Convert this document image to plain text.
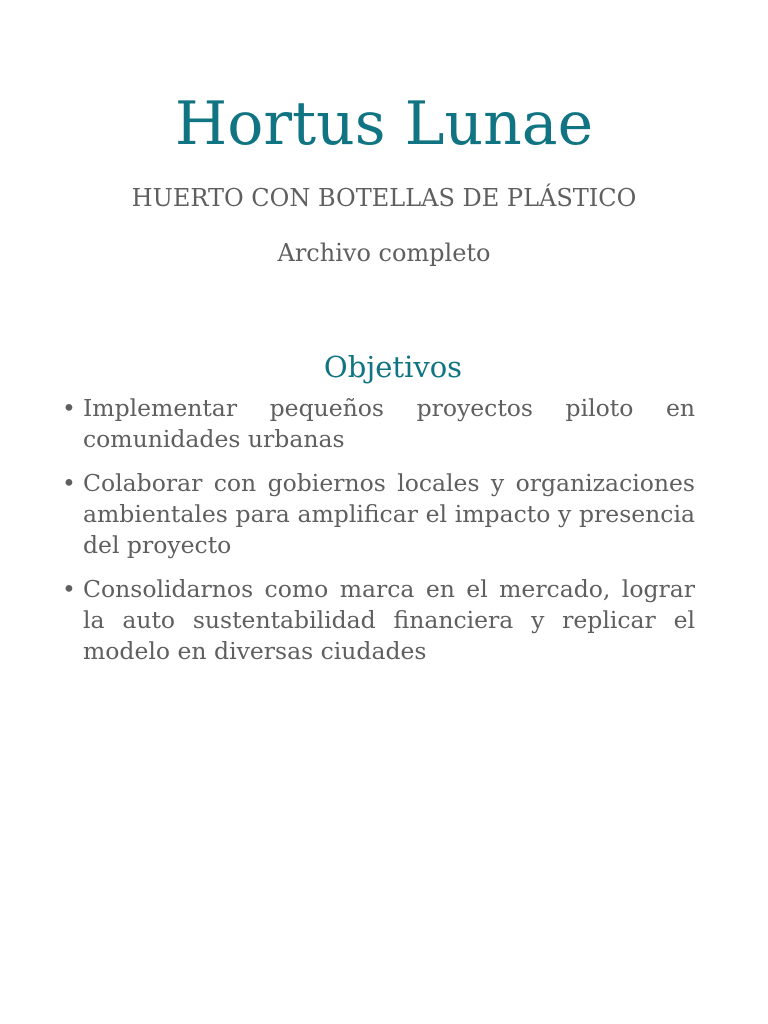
Hortus Lunae

HUERTO CON BOTELLAS DE PLÁSTICO

Archivo completo

Objetivos
• Implementar pequeños proyectos piloto en comunidades urbanas
• Colaborar con gobiernos locales y organizaciones ambientales para amplificar el impacto y presencia del proyecto
• Consolidarnos como marca en el mercado, lograr la auto sustentabilidad financiera y replicar el modelo en diversas ciudades
